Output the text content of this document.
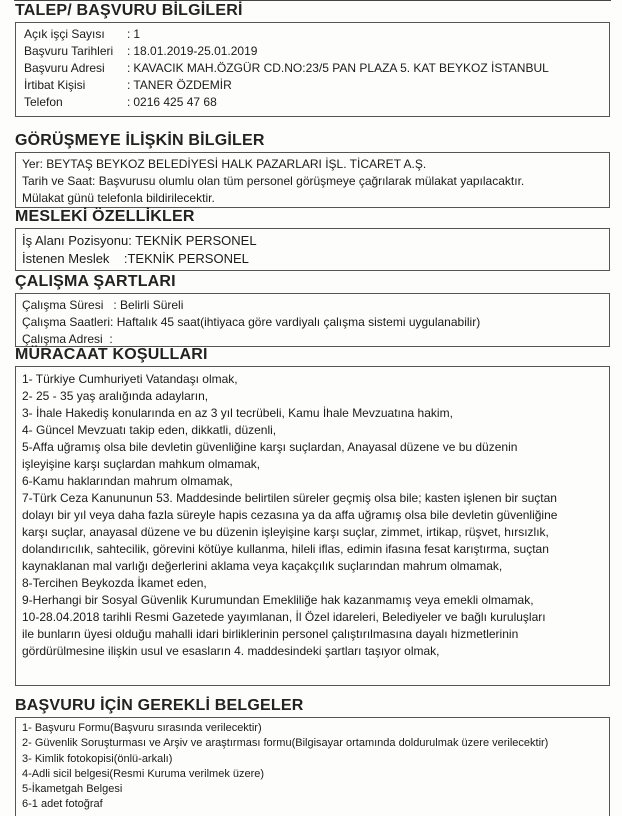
TALEP/ BAŞVURU BİLGİLERİ
Açık işçi Sayısı	: 1
Başvuru Tarihleri	: 18.01.2019-25.01.2019
Başvuru Adresi	: KAVACIK MAH.ÖZGÜR CD.NO:23/5 PAN PLAZA 5. KAT BEYKOZ İSTANBUL
İrtibat Kişisi	: TANER ÖZDEMİR
Telefon	: 0216 425 47 68
GÖRÜŞMEYE İLİŞKİN BİLGİLER
Yer: BEYTAŞ BEYKOZ BELEDİYESİ HALK PAZARLARI İŞL. TİCARET A.Ş.
Tarih ve Saat: Başvurusu olumlu olan tüm personel görüşmeye çağrılarak mülakat yapılacaktır.
Mülakat günü telefonla bildirilecektir.
MESLEKİ ÖZELLİKLER
İş Alanı Pozisyonu: TEKNİK PERSONEL
İstenen Meslek    :TEKNİK PERSONEL
ÇALIŞMA ŞARTLARI
Çalışma Süresi   : Belirli Süreli
Çalışma Saatleri: Haftalık 45 saat(ihtiyaca göre vardiyalı çalışma sistemi uygulanabilir)
Çalışma Adresi  :
MÜRACAAT KOŞULLARI
1- Türkiye Cumhuriyeti Vatandaşı olmak,
2- 25 - 35 yaş aralığında adayların,
3- İhale Hakediş konularında en az 3 yıl tecrübeli, Kamu İhale Mevzuatına hakim,
4- Güncel Mevzuatı takip eden, dikkatli, düzenli,
5-Affa uğramış olsa bile devletin güvenliğine karşı suçlardan, Anayasal düzene ve bu düzenin
işleyişine karşı suçlardan mahkum olmamak,
6-Kamu haklarından mahrum olmamak,
7-Türk Ceza Kanununun 53. Maddesinde belirtilen süreler geçmiş olsa bile; kasten işlenen bir suçtan
dolayı bir yıl veya daha fazla süreyle hapis cezasına ya da affa uğramış olsa bile devletin güvenliğine
karşı suçlar, anayasal düzene ve bu düzenin işleyişine karşı suçlar, zimmet, irtikap, rüşvet, hırsızlık,
dolandırıcılık, sahtecilik, görevini kötüye kullanma, hileli iflas, edimin ifasına fesat karıştırma, suçtan
kaynaklanan mal varlığı değerlerini aklama veya kaçakçılık suçlarından mahrum olmamak,
8-Tercihen Beykozda İkamet eden,
9-Herhangi bir Sosyal Güvenlik Kurumundan Emekliliğe hak kazanmamış veya emekli olmamak,
10-28.04.2018 tarihli Resmi Gazetede yayımlanan, İl Özel idareleri, Belediyeler ve bağlı kuruluşları
ile bunların üyesi olduğu mahalli idari birliklerinin personel çalıştırılmasına dayalı hizmetlerinin
gördürülmesine ilişkin usul ve esasların 4. maddesindeki şartları taşıyor olmak,
BAŞVURU İÇİN GEREKLİ BELGELER
1- Başvuru Formu(Başvuru sırasında verilecektir)
2- Güvenlik Soruşturması ve Arşiv ve araştırması formu(Bilgisayar ortamında doldurulmak üzere verilecektir)
3- Kimlik fotokopisi(önlü-arkalı)
4-Adli sicil belgesi(Resmi Kuruma verilmek üzere)
5-İkametgah Belgesi
6-1 adet fotoğraf
